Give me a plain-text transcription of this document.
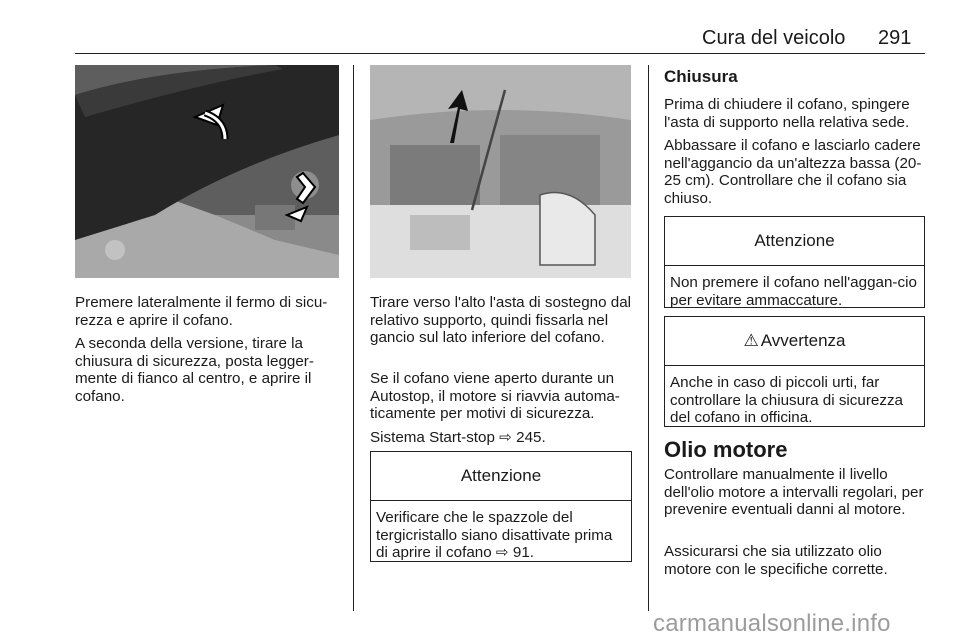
Cura del veicolo 291

Premere lateralmente il fermo di sicu-rezza e aprire il cofano.

A seconda della versione, tirare la chiusura di sicurezza, posta legger-mente di fianco al centro, e aprire il cofano.

Tirare verso l'alto l'asta di sostegno dal relativo supporto, quindi fissarla nel gancio sul lato inferiore del cofano.

Se il cofano viene aperto durante un Autostop, il motore si riavvia automa-ticamente per motivi di sicurezza.

Sistema Start-stop ⇨ 245.

Attenzione
Verificare che le spazzole del tergicristallo siano disattivate prima di aprire il cofano ⇨ 91.
Chiusura

Prima di chiudere il cofano, spingere l'asta di supporto nella relativa sede.

Abbassare il cofano e lasciarlo cadere nell'aggancio da un'altezza bassa (20-25 cm). Controllare che il cofano sia chiuso.

Attenzione
Non premere il cofano nell'aggan-cio per evitare ammaccature.
⚠ Avvertenza
Anche in caso di piccoli urti, far controllare la chiusura di sicurezza del cofano in officina.
Olio motore

Controllare manualmente il livello dell'olio motore a intervalli regolari, per prevenire eventuali danni al motore.

Assicurarsi che sia utilizzato olio motore con le specifiche corrette.

carmanualsonline.info
